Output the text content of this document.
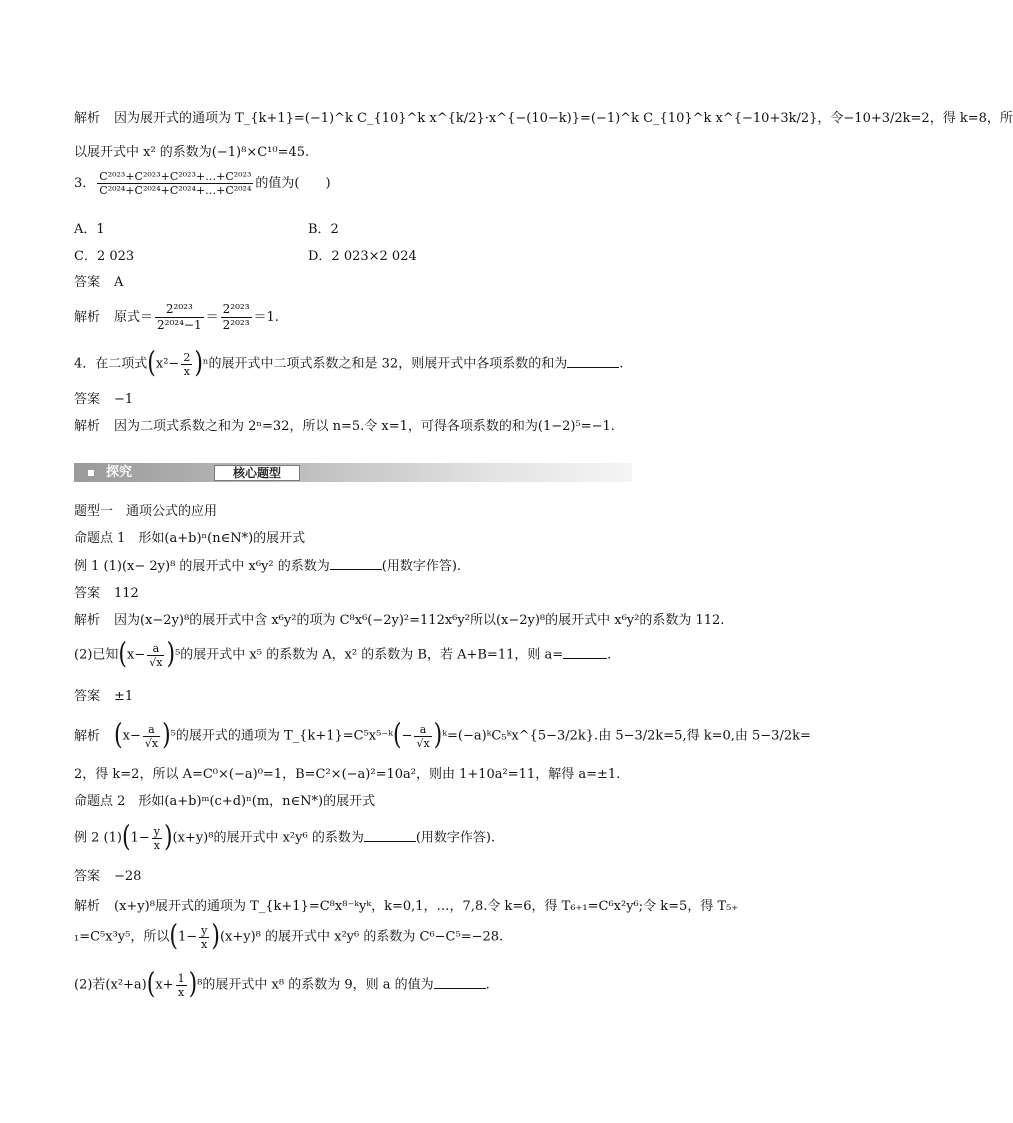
解析 因为展开式的通项为 T_{k+1}=(−1)^k C_{10}^k x^{k/2}·x^{−(10−k)}=(−1)^k C_{10}^k x^{−10+3k/2}，令−10+3/2k=2，得 k=8，所
以展开式中 x² 的系数为(−1)⁸×C¹⁰=45.
3． $\frac{\text{C²⁰²³+C²⁰²³+C²⁰²³+…+C²⁰²³}}{\text{C²⁰²⁴+C²⁰²⁴+C²⁰²⁴+…+C²⁰²⁴}}$ 的值为(　　)
A．1	B．2
C．2 023	D．2 023×2 024
答案 A
解析 原式＝ $\frac{\text{2²⁰²³}}{\text{2²⁰²⁴−1}} = \frac{\text{2²⁰²³}}{\text{2²⁰²³}} =1$.
4．在二项式$(x^2- \frac{2}{x} )^n$的展开式中二项式系数之和是 32，则展开式中各项系数的和为	.
答案 −1
解析 因为二项式系数之和为 2ⁿ=32，所以 n=5.令 x=1，可得各项系数的和为(1−2)⁵=−1.
探究	核心题型
题型一　通项公式的应用
命题点 1　形如(a+b)ⁿ(n∈N*)的展开式
例 1 (1)(x− 2y)⁸ 的展开式中 x⁶y² 的系数为	(用数字作答).
答案 112
解析 因为(x−2y)⁸的展开式中含 x⁶y²的项为 C⁸x⁶(−2y)²=112x⁶y²所以(x−2y)⁸的展开式中 x⁶y²的系数为 112.
(2)已知$(x- \frac{a}{√x} )^5$的展开式中 x⁵ 的系数为 A，x² 的系数为 B，若 A+B=11，则 a=	.
答案 ±1
解析 $(x- \frac{a}{√x} )^5$的展开式的通项为 T_{k+1}=C⁵x⁵⁻ᵏ(− $\frac{a}{√x}$ )ᵏ=(−a)ᵏC₅ᵏx^{5−3/2k}.由 5−3/2k=5,得 k=0,由 5−3/2k=
2，得 k=2，所以 A=C⁰×(−a)⁰=1，B=C²×(−a)²=10a²，则由 1+10a²=11，解得 a=±1.
命题点 2　形如(a+b)ᵐ(c+d)ⁿ(m，n∈N*)的展开式
例 2 $(1)(1- \frac{y}{x} )(x+y)^8$的展开式中 x²y⁶ 的系数为	(用数字作答).
答案 −28
解析 (x+y)⁸展开式的通项为 T_{k+1}=C⁸x⁸⁻ᵏyᵏ，k=0,1，…，7,8.令 k=6，得 T₆₊₁=C⁶x²y⁶;令 k=5，得 T₅₊
₁=C⁵x³y⁵，所以$(1- \frac{y}{x} )(x+y)^8$ 的展开式中 x²y⁶ 的系数为 C⁶−C⁵=−28.
(2)若$(x^2+a)(x+ \frac{1}{x} )^8$的展开式中 x⁸ 的系数为 9，则 a 的值为	.
